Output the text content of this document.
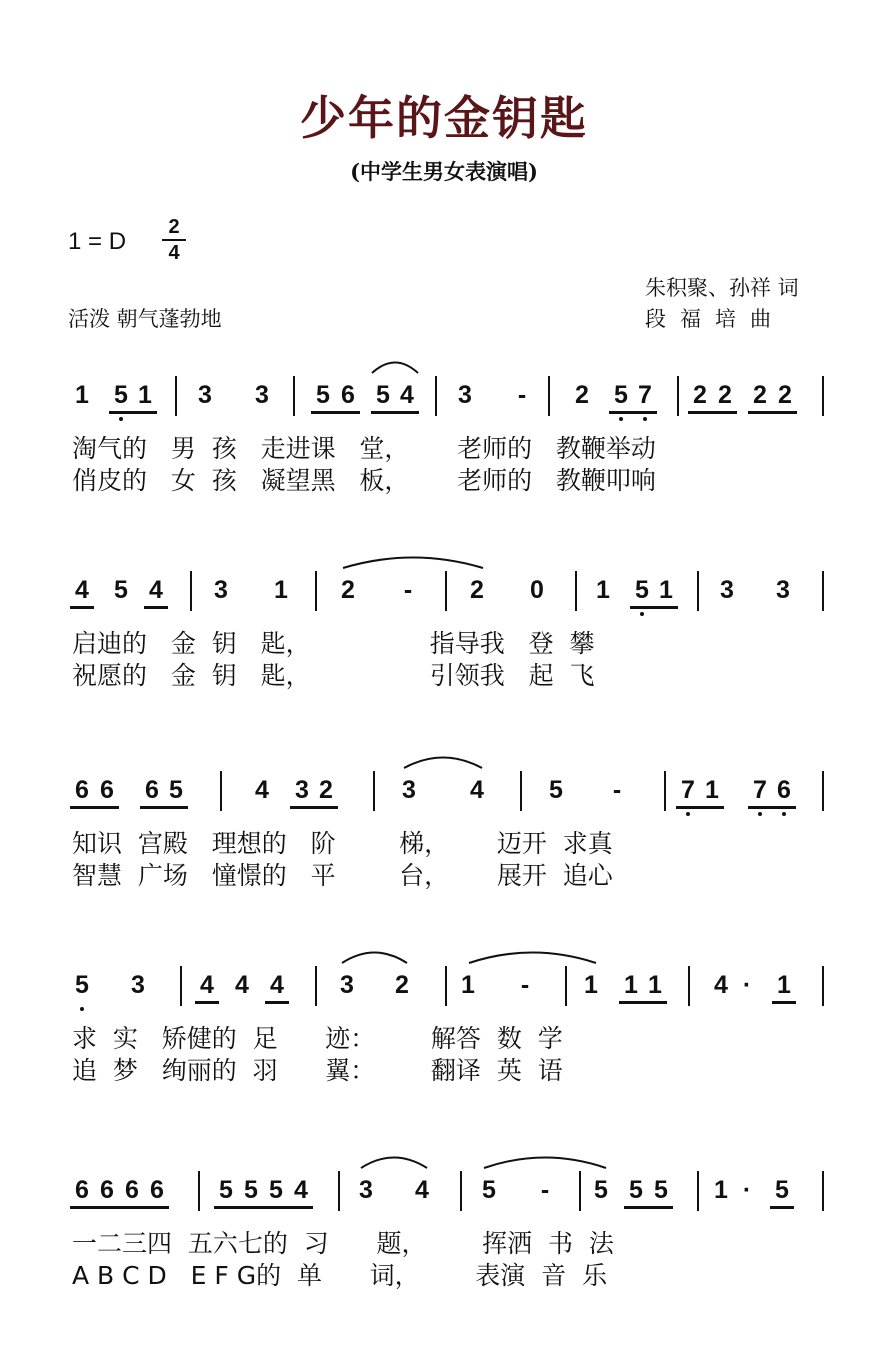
少年的金钥匙
(中学生男女表演唱)
1 = D
2
4
活泼 朝气蓬勃地
朱积聚、孙祥 词
段福培曲
1 5 1 3 3 5 6 5 4 3	-	2 5 7 2 2 2 2
淘气的   男  孩   走进课   堂，      老师的   教鞭举动
俏皮的   女  孩   凝望黑   板，      老师的   教鞭叩响
4 5 4 3 1 2	-	2 0 1 5 1 3 3
启迪的   金  钥   匙，               指导我   登  攀
祝愿的   金  钥   匙，               引领我   起  飞
6 6 6 5	4 3 2	3 4	5	-	7 1 7 6
知识  宫殿   理想的   阶        梯，      迈开  求真
智慧  广场   憧憬的   平        台，      展开  追心
5 3 4 4 4 3 2 1	-	1 1 1 4 ·	1
求  实   矫健的  足      迹：       解答  数  学
追  梦   绚丽的  羽      翼：       翻译  英  语
6 6 6 6 5 5 5 4 3 4 5	-	5 5 5 1 · 5
一二三四  五六七的  习      题，       挥洒  书  法
A B C D   E F G的  单      词，       表演  音  乐
